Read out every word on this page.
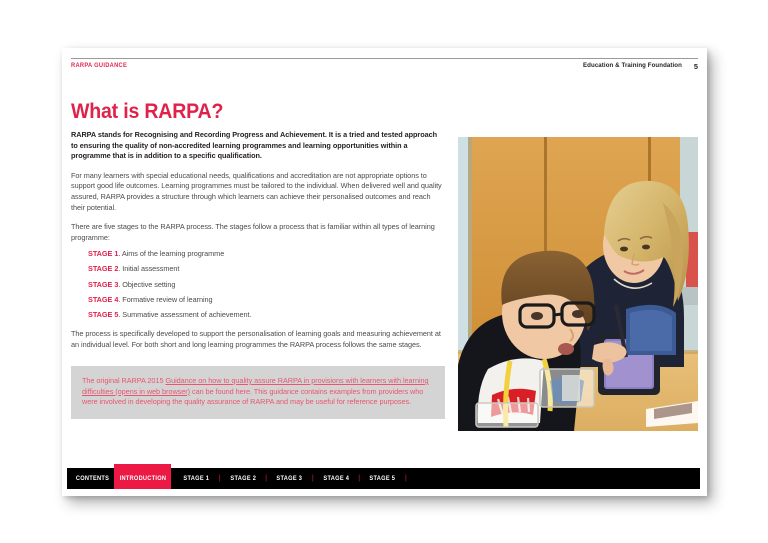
RARPA GUIDANCE	Education & Training Foundation 5
What is RARPA?

RARPA stands for Recognising and Recording Progress and Achievement. It is a tried and tested approach to ensuring the quality of non-accredited learning programmes and learning opportunities within a programme that is in addition to a specific qualification.

For many learners with special educational needs, qualifications and accreditation are not appropriate options to support good life outcomes. Learning programmes must be tailored to the individual. When delivered well and quality assured, RARPA provides a structure through which learners can achieve their personalised outcomes and reach their potential.

There are five stages to the RARPA process. The stages follow a process that is familiar within all types of learning programme:

STAGE 1. Aims of the learning programme
STAGE 2. Initial assessment
STAGE 3. Objective setting
STAGE 4. Formative review of learning
STAGE 5. Summative assessment of achievement.

The process is specifically developed to support the personalisation of learning goals and measuring achievement at an individual level. For both short and long learning programmes the RARPA process follows the same stages.

The original RARPA 2015 Guidance on how to quality assure RARPA in provisions with learners with learning difficulties (opens in web browser) can be found here. This guidance contains examples from providers who were involved in developing the quality assurance of RARPA and may be useful for reference purposes.

CONTENTS	STAGE 1	|	STAGE 2	|	STAGE 3	|	STAGE 4	|	STAGE 5	|
INTRODUCTION
